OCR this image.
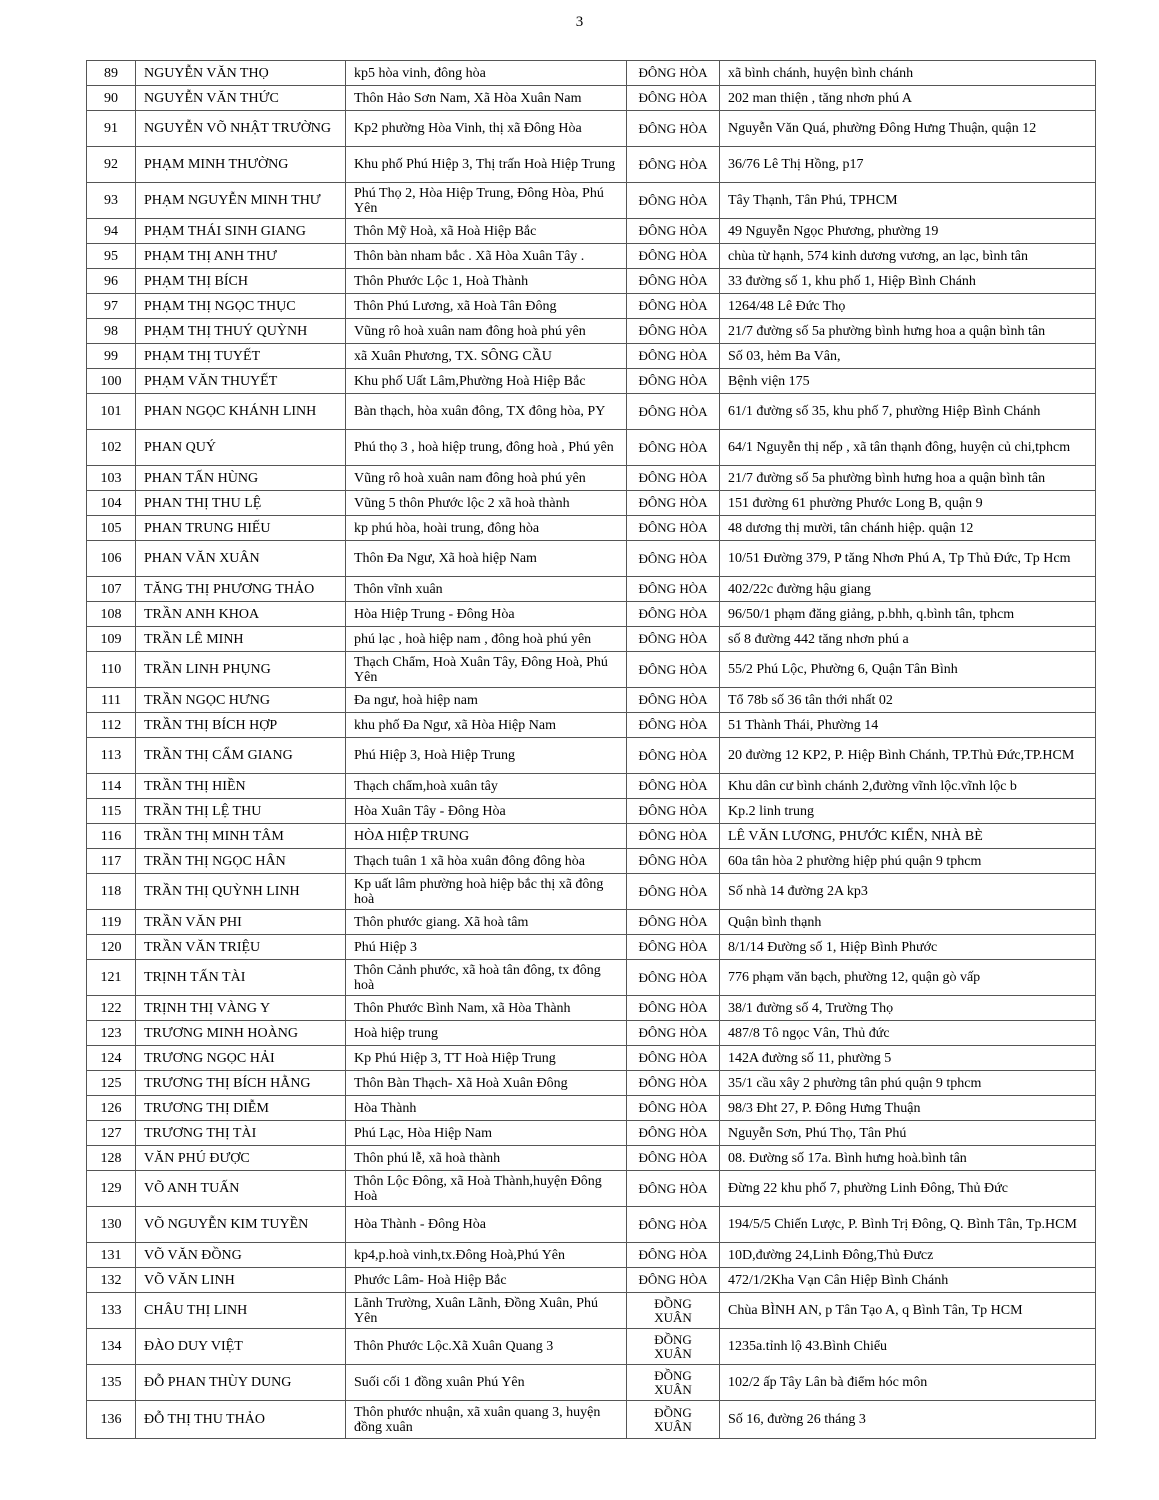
3
89	NGUYỄN VĂN THỌ	kp5 hòa vinh, đông hòa	ĐÔNG HÒA	xã bình chánh, huyện bình chánh
90	NGUYỄN VĂN THỨC	Thôn Hảo Sơn Nam, Xã Hòa Xuân Nam	ĐÔNG HÒA	202 man thiện , tăng nhơn phú A
91	NGUYỄN VÕ NHẬT TRƯỜNG	Kp2 phường Hòa Vinh, thị xã Đông Hòa	ĐÔNG HÒA	Nguyễn Văn Quá, phường Đông Hưng Thuận, quận 12
92	PHẠM MINH THƯỜNG	Khu phố Phú Hiệp 3, Thị trấn Hoà Hiệp Trung	ĐÔNG HÒA	36/76 Lê Thị Hồng, p17
93	PHẠM NGUYỄN MINH THƯ	Phú Thọ 2, Hòa Hiệp Trung, Đông Hòa, Phú Yên	ĐÔNG HÒA	Tây Thạnh, Tân Phú, TPHCM
94	PHẠM THÁI SINH GIANG	Thôn Mỹ Hoà, xã Hoà Hiệp Bắc	ĐÔNG HÒA	49 Nguyễn Ngọc Phương, phường 19
95	PHẠM THỊ ANH THƯ	Thôn bàn nham bắc . Xã Hòa Xuân Tây .	ĐÔNG HÒA	chùa từ hạnh, 574 kinh dương vương, an lạc, bình tân
96	PHẠM THỊ BÍCH	Thôn Phước Lộc 1, Hoà Thành	ĐÔNG HÒA	33 đường số 1, khu phố 1, Hiệp Bình Chánh
97	PHẠM THỊ NGỌC THỤC	Thôn Phú Lương, xã Hoà Tân Đông	ĐÔNG HÒA	1264/48 Lê Đức Thọ
98	PHẠM THỊ THUÝ QUỲNH	Vũng rô hoà xuân nam đông hoà phú yên	ĐÔNG HÒA	21/7 đường số 5a phường bình hưng hoa a quận bình tân
99	PHẠM THỊ TUYẾT	xã Xuân Phương, TX. SÔNG CẦU	ĐÔNG HÒA	Số 03, hẻm Ba Vân,
100	PHẠM VĂN THUYẾT	Khu phố Uất Lâm,Phường Hoà Hiệp Bắc	ĐÔNG HÒA	Bệnh viện 175
101	PHAN NGỌC KHÁNH LINH	Bàn thạch, hòa xuân đông, TX đông hòa, PY	ĐÔNG HÒA	61/1 đường số 35, khu phố 7, phường Hiệp Bình Chánh
102	PHAN QUÝ	Phú thọ 3 , hoà hiệp trung, đông hoà , Phú yên	ĐÔNG HÒA	64/1 Nguyễn thị nếp , xã tân thạnh đông, huyện củ chi,tphcm
103	PHAN TẤN HÙNG	Vũng rô hoà xuân nam đông hoà phú yên	ĐÔNG HÒA	21/7 đường số 5a phường bình hưng hoa a quận bình tân
104	PHAN THỊ THU LỆ	Vũng 5 thôn Phước lộc 2 xã hoà thành	ĐÔNG HÒA	151 đường 61 phường Phước Long B, quận 9
105	PHAN TRUNG HIẾU	kp phú hòa, hoài trung, đông hòa	ĐÔNG HÒA	48 dương thị mười, tân chánh hiệp. quận 12
106	PHAN VĂN XUÂN	Thôn Đa Ngư, Xã hoà hiệp Nam	ĐÔNG HÒA	10/51 Đường 379, P tăng Nhơn Phú A, Tp Thủ Đức, Tp Hcm
107	TĂNG THỊ PHƯƠNG THẢO	Thôn vĩnh xuân	ĐÔNG HÒA	402/22c đường hậu giang
108	TRẦN ANH KHOA	Hòa Hiệp Trung - Đông Hòa	ĐÔNG HÒA	96/50/1 phạm đăng giảng, p.bhh, q.bình tân, tphcm
109	TRẦN LÊ MINH	phú lạc , hoà hiệp nam , đông hoà phú yên	ĐÔNG HÒA	số 8 đường 442 tăng nhơn phú a
110	TRẦN LINH PHỤNG	Thạch Chẩm, Hoà Xuân Tây, Đông Hoà, Phú Yên	ĐÔNG HÒA	55/2 Phú Lộc, Phường 6, Quận Tân Bình
111	TRẦN NGỌC HƯNG	Đa ngư, hoà hiệp nam	ĐÔNG HÒA	Tổ 78b số 36 tân thới nhất 02
112	TRẦN THỊ BÍCH HỢP	khu phố Đa Ngư, xã Hòa Hiệp Nam	ĐÔNG HÒA	51 Thành Thái, Phường 14
113	TRẦN THỊ CẨM GIANG	Phú Hiệp 3, Hoà Hiệp Trung	ĐÔNG HÒA	20 đường 12 KP2, P. Hiệp Bình Chánh, TP.Thủ Đức,TP.HCM
114	TRẦN THỊ HIỀN	Thạch chẩm,hoà xuân tây	ĐÔNG HÒA	Khu dân cư bình chánh 2,đường vĩnh lộc.vĩnh lộc b
115	TRẦN THỊ LỆ THU	Hòa Xuân Tây - Đông Hòa	ĐÔNG HÒA	Kp.2 linh trung
116	TRẦN THỊ MINH TÂM	HÒA HIỆP TRUNG	ĐÔNG HÒA	LÊ VĂN LƯƠNG, PHƯỚC KIỂN, NHÀ BÈ
117	TRẦN THỊ NGỌC HÂN	Thạch tuân 1 xã hòa xuân đông đông hòa	ĐÔNG HÒA	60a tân hòa 2 phường hiệp phú quận 9 tphcm
118	TRẦN THỊ QUỲNH LINH	Kp uất lâm phường hoà hiệp bắc thị xã đông hoà	ĐÔNG HÒA	Số nhà 14 đường 2A kp3
119	TRẦN VĂN PHI	Thôn phước giang. Xã hoà tâm	ĐÔNG HÒA	Quận bình thạnh
120	TRẦN VĂN TRIỆU	Phú Hiệp 3	ĐÔNG HÒA	8/1/14 Đường số 1, Hiệp Bình Phước
121	TRỊNH TẤN TÀI	Thôn Cảnh phước, xã hoà tân đông, tx đông hoà	ĐÔNG HÒA	776 phạm văn bạch, phường 12, quận gò vấp
122	TRỊNH THỊ VÀNG Y	Thôn Phước Bình Nam, xã Hòa Thành	ĐÔNG HÒA	38/1 đường số 4, Trường Thọ
123	TRƯƠNG MINH HOÀNG	Hoà hiệp trung	ĐÔNG HÒA	487/8 Tô ngọc Vân, Thủ đức
124	TRƯƠNG NGỌC HẢI	Kp Phú Hiệp 3, TT Hoà Hiệp Trung	ĐÔNG HÒA	142A đường số 11, phường 5
125	TRƯƠNG THỊ BÍCH HẰNG	Thôn Bàn Thạch- Xã Hoà Xuân Đông	ĐÔNG HÒA	35/1 cầu xây 2 phường tân phú quận 9 tphcm
126	TRƯƠNG THỊ DIỄM	Hòa Thành	ĐÔNG HÒA	98/3 Đht 27, P. Đông Hưng Thuận
127	TRƯƠNG THỊ TÀI	Phú Lạc, Hòa Hiệp Nam	ĐÔNG HÒA	Nguyễn Sơn, Phú Thọ, Tân Phú
128	VĂN PHÚ ĐƯỢC	Thôn phú lễ, xã hoà thành	ĐÔNG HÒA	08. Đường số 17a. Bình hưng hoà.bình tân
129	VÕ ANH TUẤN	Thôn Lộc Đông, xã Hoà Thành,huyện Đông Hoà	ĐÔNG HÒA	Đừng 22 khu phố 7, phường Linh Đông, Thủ Đức
130	VÕ NGUYỄN KIM TUYỀN	Hòa Thành - Đông Hòa	ĐÔNG HÒA	194/5/5 Chiến Lược, P. Bình Trị Đông, Q. Bình Tân, Tp.HCM
131	VÕ VĂN ĐỒNG	kp4,p.hoà vinh,tx.Đông Hoà,Phú Yên	ĐÔNG HÒA	10D,đường 24,Linh Đông,Thủ Đưcz
132	VÕ VĂN LINH	Phước Lâm- Hoà Hiệp Bắc	ĐÔNG HÒA	472/1/2Kha Vạn Cân Hiệp Bình Chánh
133	CHÂU THỊ LINH	Lãnh Trường, Xuân Lãnh, Đồng Xuân, Phú Yên	ĐỒNG XUÂN	Chùa BÌNH AN, p Tân Tạo A, q Bình Tân, Tp HCM
134	ĐÀO DUY VIỆT	Thôn Phước Lộc.Xã Xuân Quang 3	ĐỒNG XUÂN	1235a.tỉnh lộ 43.Bình Chiểu
135	ĐỖ PHAN THÙY DUNG	Suối cối 1 đồng xuân Phú Yên	ĐỒNG XUÂN	102/2 ấp Tây Lân bà điểm hóc môn
136	ĐỖ THỊ THU THẢO	Thôn phước nhuận, xã xuân quang 3, huyện đồng xuân	ĐỒNG XUÂN	Số 16, đường 26 tháng 3
